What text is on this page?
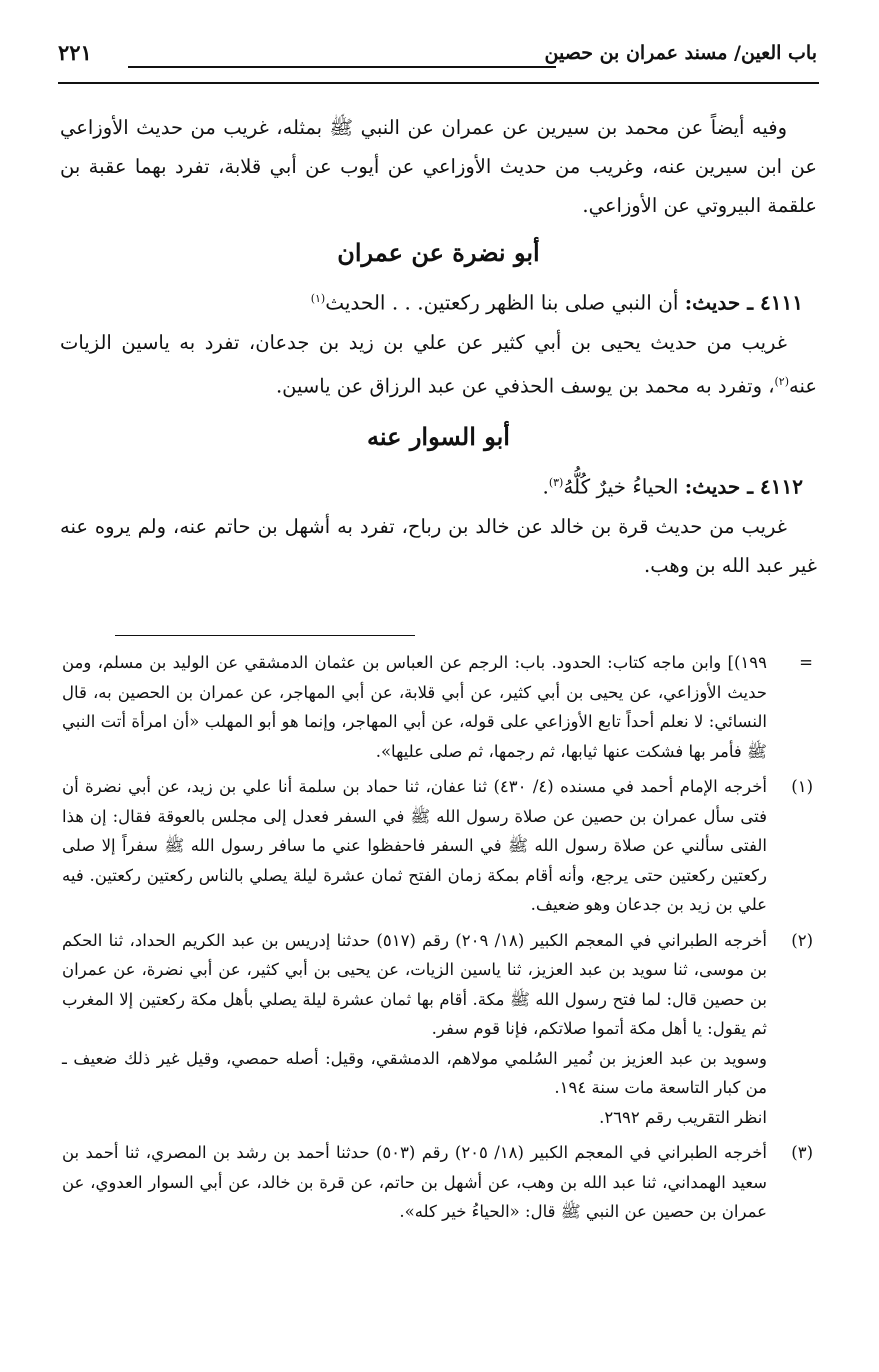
باب العين/ مسند عمران بن حصين
٢٢١

وفيه أيضاً عن محمد بن سيرين عن عمران عن النبي ﷺ بمثله، غريب من حديث الأوزاعي عن ابن سيرين عنه، وغريب من حديث الأوزاعي عن أيوب عن أبي قلابة، تفرد بهما عقبة بن علقمة البيروتي عن الأوزاعي.

أبو نضرة عن عمران

٤١١١ ـ حديث: أن النبي صلى بنا الظهر ركعتين. . . الحديث$^{(١)}$

غريب من حديث يحيى بن أبي كثير عن علي بن زيد بن جدعان، تفرد به ياسين الزيات عنه$^{(٢)}$، وتفرد به محمد بن يوسف الحذفي عن عبد الرزاق عن ياسين.

أبو السوار عنه

٤١١٢ ـ حديث: الحياءُ خيرٌ كُلُّهُ$^{(٣)}$.

غريب من حديث قرة بن خالد عن خالد بن رباح، تفرد به أشهل بن حاتم عنه، ولم يروه عنه غير عبد الله بن وهب.

=

١٩٩)] وابن ماجه كتاب: الحدود. باب: الرجم عن العباس بن عثمان الدمشقي عن الوليد بن مسلم، ومن حديث الأوزاعي، عن يحيى بن أبي كثير، عن أبي قلابة، عن أبي المهاجر، عن عمران بن الحصين به، قال النسائي: لا نعلم أحداً تابع الأوزاعي على قوله، عن أبي المهاجر، وإنما هو أبو المهلب «أن امرأة أتت النبي ﷺ فأمر بها فشكت عنها ثيابها، ثم رجمها، ثم صلى عليها».

(١)

أخرجه الإمام أحمد في مسنده (٤/ ٤٣٠) ثنا عفان، ثنا حماد بن سلمة أنا علي بن زيد، عن أبي نضرة أن فتى سأل عمران بن حصين عن صلاة رسول الله ﷺ في السفر فعدل إلى مجلس بالعوقة فقال: إن هذا الفتى سألني عن صلاة رسول الله ﷺ في السفر فاحفظوا عني ما سافر رسول الله ﷺ سفراً إلا صلى ركعتين ركعتين حتى يرجع، وأنه أقام بمكة زمان الفتح ثمان عشرة ليلة يصلي بالناس ركعتين ركعتين. فيه علي بن زيد بن جدعان وهو ضعيف.

(٢)

أخرجه الطبراني في المعجم الكبير (١٨/ ٢٠٩) رقم (٥١٧) حدثنا إدريس بن عبد الكريم الحداد، ثنا الحكم بن موسى، ثنا سويد بن عبد العزيز، ثنا ياسين الزيات، عن يحيى بن أبي كثير، عن أبي نضرة، عن عمران بن حصين قال: لما فتح رسول الله ﷺ مكة. أقام بها ثمان عشرة ليلة يصلي بأهل مكة ركعتين إلا المغرب ثم يقول: يا أهل مكة أتموا صلاتكم، فإنا قوم سفر.

وسويد بن عبد العزيز بن نُمير السُلمي مولاهم، الدمشقي، وقيل: أصله حمصي، وقيل غير ذلك ضعيف ـ من كبار التاسعة مات سنة ١٩٤.

انظر التقريب رقم ٢٦٩٢.

(٣)

أخرجه الطبراني في المعجم الكبير (١٨/ ٢٠٥) رقم (٥٠٣) حدثنا أحمد بن رشد بن المصري، ثنا أحمد بن سعيد الهمداني، ثنا عبد الله بن وهب، عن أشهل بن حاتم، عن قرة بن خالد، عن أبي السوار العدوي، عن عمران بن حصين عن النبي ﷺ قال: «الحياءُ خير كله».
